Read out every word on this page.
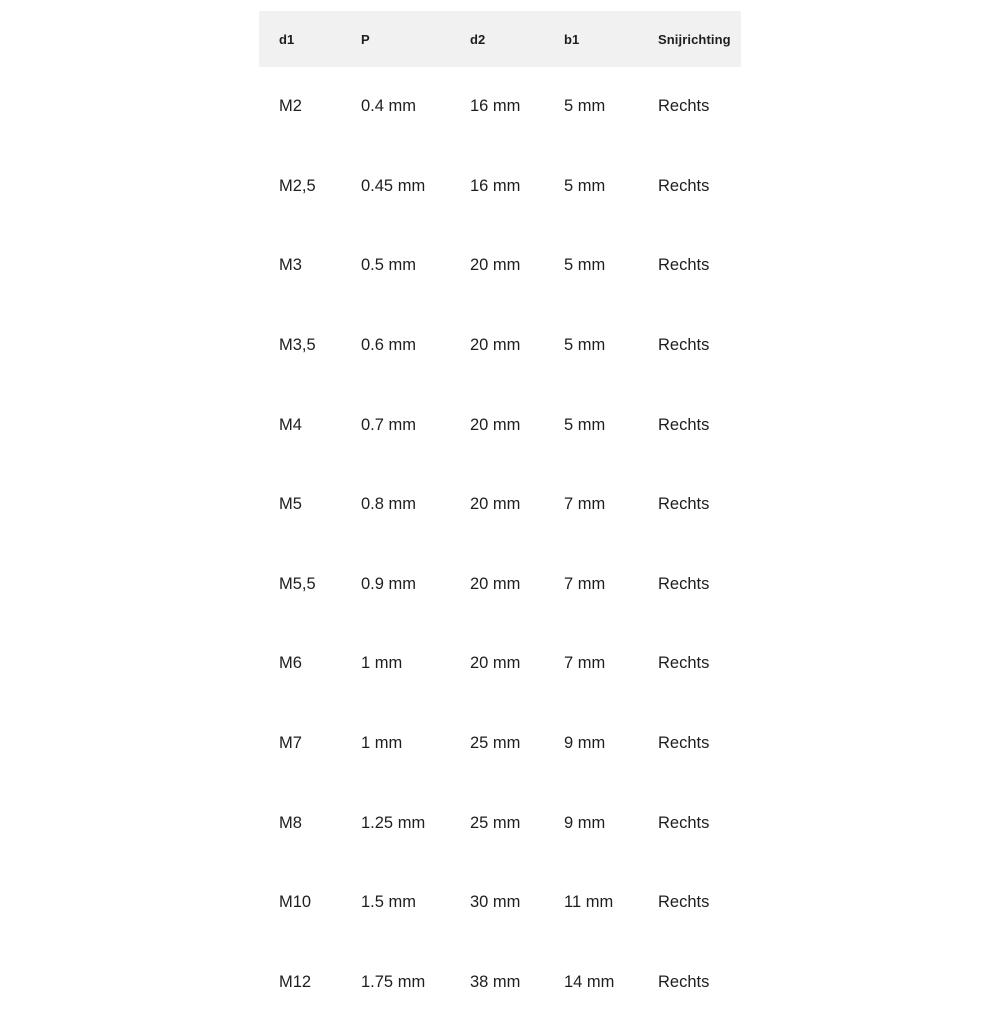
d1	P	d2	b1	Snijrichting
M2	0.4 mm	16 mm	5 mm	Rechts
M2,5	0.45 mm	16 mm	5 mm	Rechts
M3	0.5 mm	20 mm	5 mm	Rechts
M3,5	0.6 mm	20 mm	5 mm	Rechts
M4	0.7 mm	20 mm	5 mm	Rechts
M5	0.8 mm	20 mm	7 mm	Rechts
M5,5	0.9 mm	20 mm	7 mm	Rechts
M6	1 mm	20 mm	7 mm	Rechts
M7	1 mm	25 mm	9 mm	Rechts
M8	1.25 mm	25 mm	9 mm	Rechts
M10	1.5 mm	30 mm	11 mm	Rechts
M12	1.75 mm	38 mm	14 mm	Rechts
